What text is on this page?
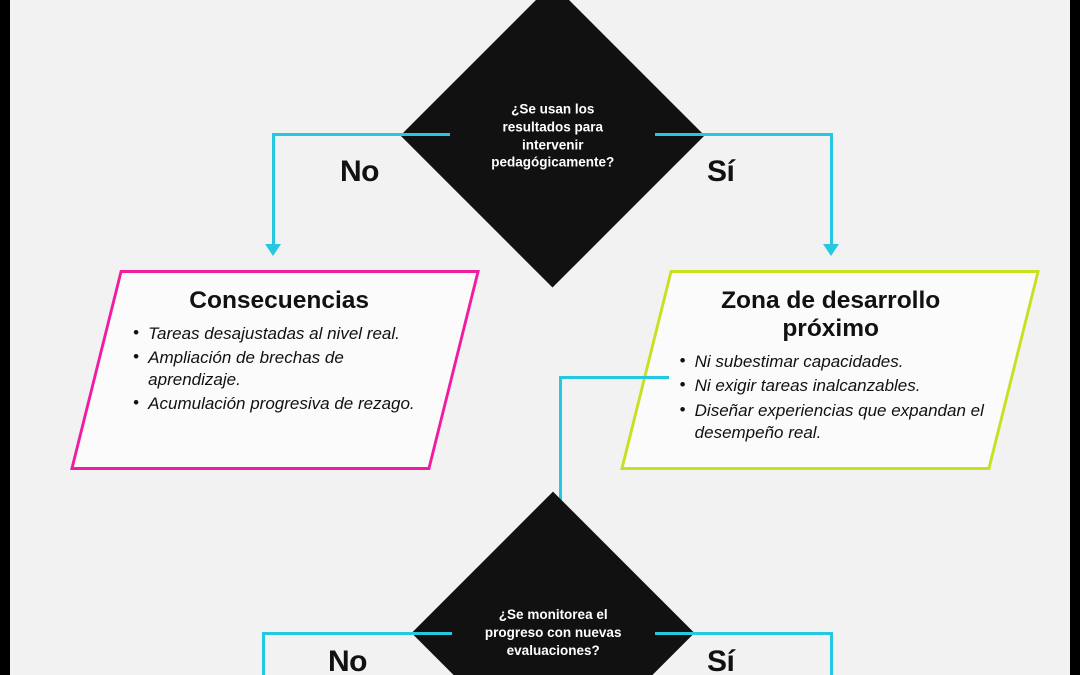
¿Se usan los resultados para intervenir pedagógicamente?
No	Sí
Consecuencias
• Tareas desajustadas al nivel real.
• Ampliación de brechas de aprendizaje.
• Acumulación progresiva de rezago.
Zona de desarrollo próximo
• Ni subestimar capacidades.
• Ni exigir tareas inalcanzables.
• Diseñar experiencias que expandan el desempeño real.
¿Se monitorea el progreso con nuevas evaluaciones?
No	Sí
